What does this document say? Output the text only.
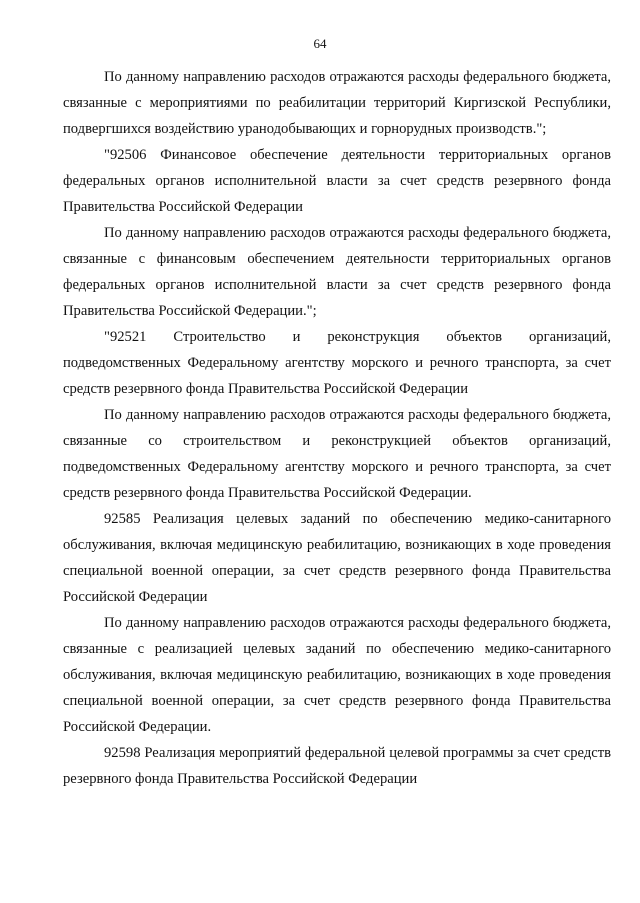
64

По данному направлению расходов отражаются расходы федерального бюджета, связанные с мероприятиями по реабилитации территорий Киргизской Республики, подвергшихся воздействию уранодобывающих и горнорудных производств.";

"92506 Финансовое обеспечение деятельности территориальных органов федеральных органов исполнительной власти за счет средств резервного фонда Правительства Российской Федерации

По данному направлению расходов отражаются расходы федерального бюджета, связанные с финансовым обеспечением деятельности территориальных органов федеральных органов исполнительной власти за счет средств резервного фонда Правительства Российской Федерации.";

"92521 Строительство и реконструкция объектов организаций, подведомственных Федеральному агентству морского и речного транспорта, за счет средств резервного фонда Правительства Российской Федерации

По данному направлению расходов отражаются расходы федерального бюджета, связанные со строительством и реконструкцией объектов организаций, подведомственных Федеральному агентству морского и речного транспорта, за счет средств резервного фонда Правительства Российской Федерации.

92585 Реализация целевых заданий по обеспечению медико-санитарного обслуживания, включая медицинскую реабилитацию, возникающих в ходе проведения специальной военной операции, за счет средств резервного фонда Правительства Российской Федерации

По данному направлению расходов отражаются расходы федерального бюджета, связанные с реализацией целевых заданий по обеспечению медико-санитарного обслуживания, включая медицинскую реабилитацию, возникающих в ходе проведения специальной военной операции, за счет средств резервного фонда Правительства Российской Федерации.

92598 Реализация мероприятий федеральной целевой программы за счет средств резервного фонда Правительства Российской Федерации
